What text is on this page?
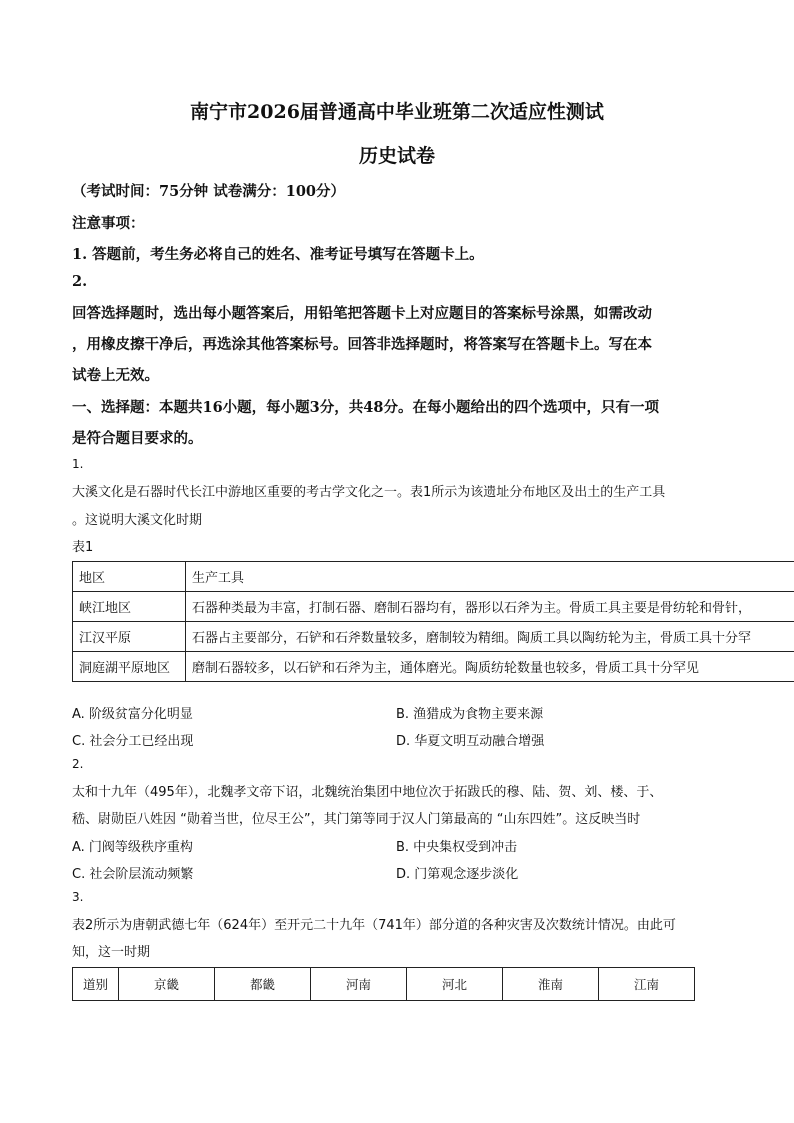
南宁市2026届普通高中毕业班第二次适应性测试
历史试卷
（考试时间：75分钟 试卷满分：100分）
注意事项：
1. 答题前，考生务必将自己的姓名、准考证号填写在答题卡上。
2.
回答选择题时，选出每小题答案后，用铅笔把答题卡上对应题目的答案标号涂黑，如需改动
，用橡皮擦干净后，再选涂其他答案标号。回答非选择题时，将答案写在答题卡上。写在本
试卷上无效。
一、选择题：本题共16小题，每小题3分，共48分。在每小题给出的四个选项中，只有一项
是符合题目要求的。
1.
大溪文化是石器时代长江中游地区重要的考古学文化之一。表1所示为该遗址分布地区及出土的生产工具
。这说明大溪文化时期
表1
地区	生产工具
峡江地区	石器种类最为丰富，打制石器、磨制石器均有，器形以石斧为主。骨质工具主要是骨纺轮和骨针，
江汉平原	石器占主要部分，石铲和石斧数量较多，磨制较为精细。陶质工具以陶纺轮为主，骨质工具十分罕
洞庭湖平原地区	磨制石器较多，以石铲和石斧为主，通体磨光。陶质纺轮数量也较多，骨质工具十分罕见
A. 阶级贫富分化明显	B. 渔猎成为食物主要来源
C. 社会分工已经出现	D. 华夏文明互动融合增强
2.
太和十九年（495年），北魏孝文帝下诏，北魏统治集团中地位次于拓跋氏的穆、陆、贺、刘、楼、于、
嵇、尉勋臣八姓因 “勋着当世，位尽王公”，其门第等同于汉人门第最高的 “山东四姓”。这反映当时
A. 门阀等级秩序重构	B. 中央集权受到冲击
C. 社会阶层流动频繁	D. 门第观念逐步淡化
3.
表2所示为唐朝武德七年（624年）至开元二十九年（741年）部分道的各种灾害及次数统计情况。由此可
知，这一时期
道别	京畿	都畿	河南	河北	淮南	江南
